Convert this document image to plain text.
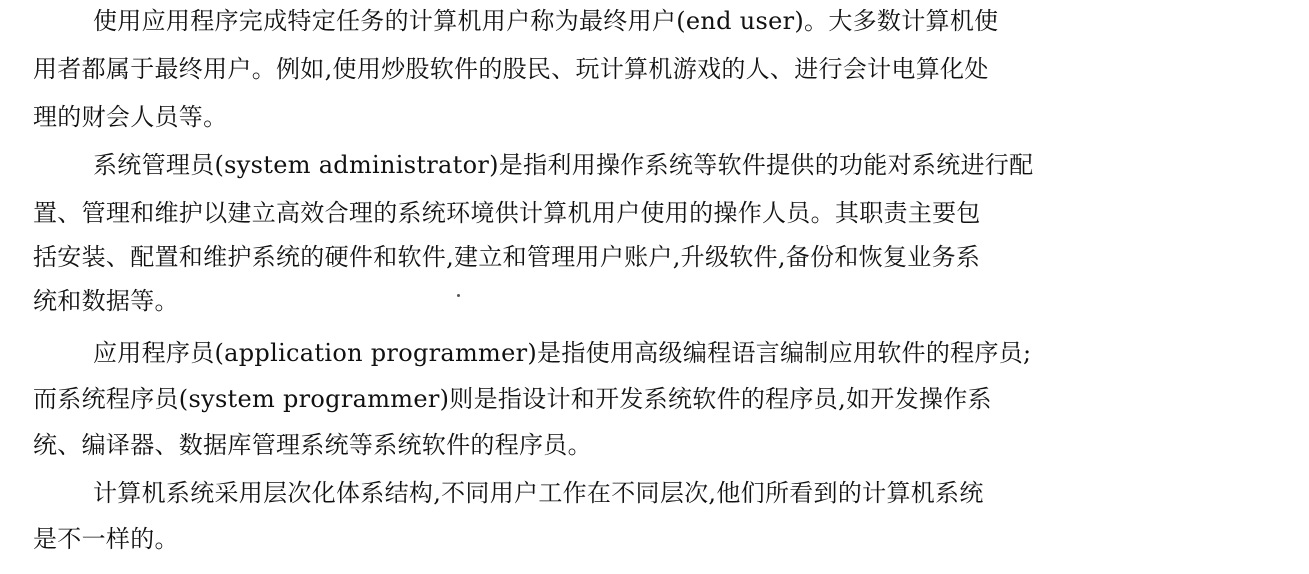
使用应用程序完成特定任务的计算机用户称为最终用户(end user)。大多数计算机使
用者都属于最终用户。例如,使用炒股软件的股民、玩计算机游戏的人、进行会计电算化处
理的财会人员等。
系统管理员(system administrator)是指利用操作系统等软件提供的功能对系统进行配
置、管理和维护以建立高效合理的系统环境供计算机用户使用的操作人员。其职责主要包
括安装、配置和维护系统的硬件和软件,建立和管理用户账户,升级软件,备份和恢复业务系
统和数据等。
应用程序员(application programmer)是指使用高级编程语言编制应用软件的程序员;
而系统程序员(system programmer)则是指设计和开发系统软件的程序员,如开发操作系
统、编译器、数据库管理系统等系统软件的程序员。
计算机系统采用层次化体系结构,不同用户工作在不同层次,他们所看到的计算机系统
是不一样的。
